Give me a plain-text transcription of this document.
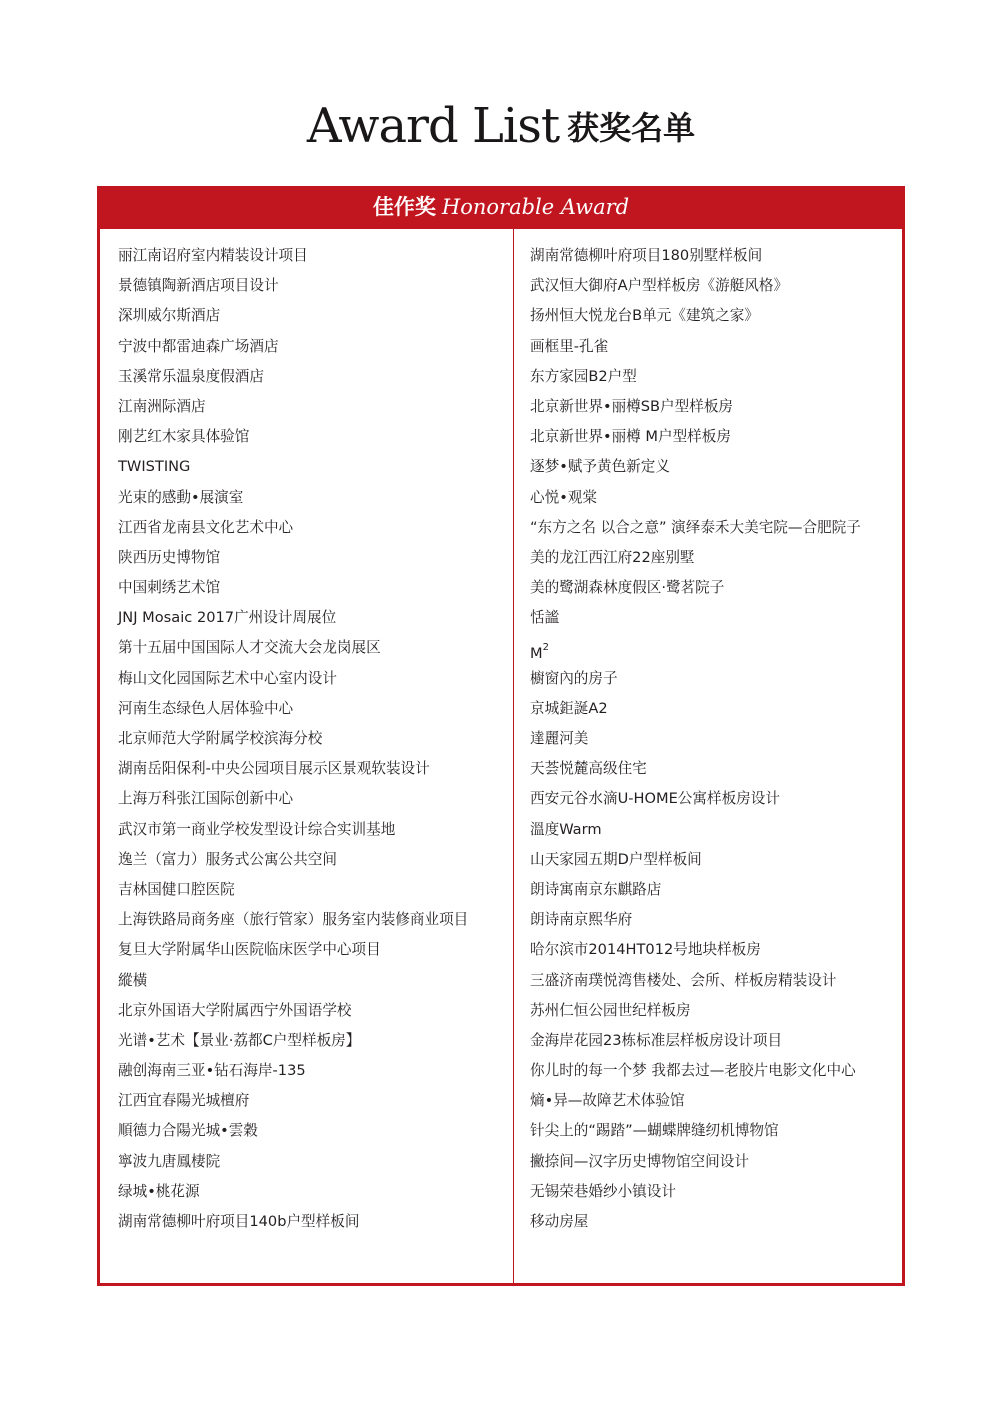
Award List 获奖名单
佳作奖 Honorable Award
丽江南诏府室内精装设计项目
景德镇陶新酒店项目设计
深圳威尔斯酒店
宁波中都雷迪森广场酒店
玉溪常乐温泉度假酒店
江南洲际酒店
刚艺红木家具体验馆
TWISTING
光束的感動•展演室
江西省龙南县文化艺术中心
陕西历史博物馆
中国刺绣艺术馆
JNJ Mosaic 2017广州设计周展位
第十五届中国国际人才交流大会龙岗展区
梅山文化园国际艺术中心室内设计
河南生态绿色人居体验中心
北京师范大学附属学校滨海分校
湖南岳阳保利-中央公园项目展示区景观软装设计
上海万科张江国际创新中心
武汉市第一商业学校发型设计综合实训基地
逸兰（富力）服务式公寓公共空间
吉林国健口腔医院
上海铁路局商务座（旅行管家）服务室内装修商业项目
复旦大学附属华山医院临床医学中心项目
縱橫
北京外国语大学附属西宁外国语学校
光谱•艺术【景业·荔都C户型样板房】
融创海南三亚•钻石海岸-135
江西宜春陽光城檀府
順德力合陽光城•雲穀
寧波九唐鳳棲院
绿城•桃花源
湖南常德柳叶府项目140b户型样板间
湖南常德柳叶府项目180别墅样板间
武汉恒大御府A户型样板房《游艇风格》
扬州恒大悦龙台B单元《建筑之家》
画框里-孔雀
东方家园B2户型
北京新世界•丽樽SB户型样板房
北京新世界•丽樽 M户型样板房
逐梦•赋予黄色新定义
心悦•观棠
“东方之名 以合之意” 演绎泰禾大美宅院—合肥院子
美的龙江西江府22座别墅
美的鹭湖森林度假区·鹭茗院子
恬謐
$M^2$
櫥窗內的房子
京城鉅誕A2
達麗河美
天荟悦麓高级住宅
西安元谷水滴U-HOME公寓样板房设计
溫度Warm
山天家园五期D户型样板间
朗诗寓南京东麒路店
朗诗南京熙华府
哈尔滨市2014HT012号地块样板房
三盛济南璞悦湾售楼处、会所、样板房精装设计
苏州仁恒公园世纪样板房
金海岸花园23栋标准层样板房设计项目
你儿时的每一个梦 我都去过—老胶片电影文化中心
熵•异—故障艺术体验馆
针尖上的“踢踏”—蝴蝶牌缝纫机博物馆
撇捺间—汉字历史博物馆空间设计
无锡荣巷婚纱小镇设计
移动房屋
